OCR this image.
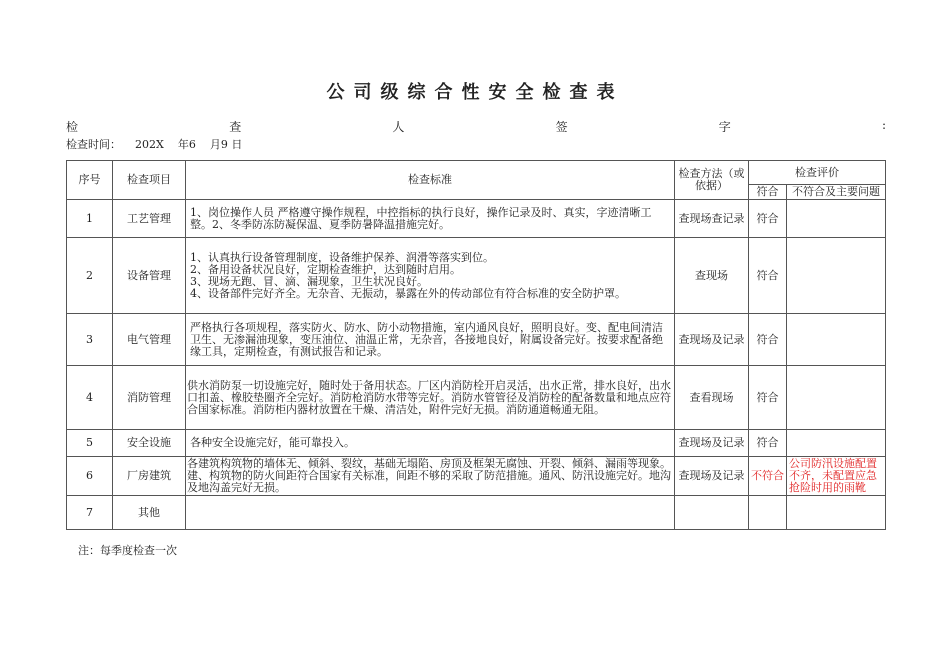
公司级综合性安全检查表
检	查	人	签	字	:
检查时间： 202X 年6 月9 日
序号	检查项目	检查标准	检查方法（或依据）	检查评价	
				符合	不符合及主要问题
1	工艺管理	1、岗位操作人员 严格遵守操作规程，中控指标的执行良好，操作记录及时、真实，字迹清晰工整。2、冬季防冻防凝保温、夏季防暑降温措施完好。	查现场查记录	符合	
2	设备管理	1、认真执行设备管理制度，设备维护保养、润滑等落实到位。
2、备用设备状况良好，定期检查维护，达到随时启用。
3、现场无跑、冒、滴、漏现象，卫生状况良好。
4、设备部件完好齐全。无杂音、无振动，暴露在外的传动部位有符合标准的安全防护罩。	查现场	符合	
3	电气管理	严格执行各项规程，落实防火、防水、防小动物措施，室内通风良好，照明良好。变、配电间清洁卫生、无渗漏油现象，变压油位、油温正常，无杂音，各接地良好，附属设备完好。按要求配备绝缘工具，定期检查，有测试报告和记录。	查现场及记录	符合	
4	消防管理	供水消防泵一切设施完好，随时处于备用状态。厂区内消防栓开启灵活，出水正常，排水良好，出水口扣盖、橡胶垫圈齐全完好。消防枪消防水带等完好。消防水管管径及消防栓的配备数量和地点应符合国家标准。消防柜内器材放置在干燥、清洁处，附件完好无损。消防通道畅通无阻。	查看现场	符合	
5	安全设施	各种安全设施完好，能可靠投入。	查现场及记录	符合	
6	厂房建筑	各建筑构筑物的墙体无、倾斜、裂纹，基础无塌陷、房顶及框架无腐蚀、开裂、倾斜、漏雨等现象。建、构筑物的防火间距符合国家有关标准，间距不够的采取了防范措施。通风、防汛设施完好。地沟及地沟盖完好无损。	查现场及记录	不符合	公司防汛设施配置不齐，未配置应急抢险时用的雨靴
7	其他				
注：每季度检查一次
